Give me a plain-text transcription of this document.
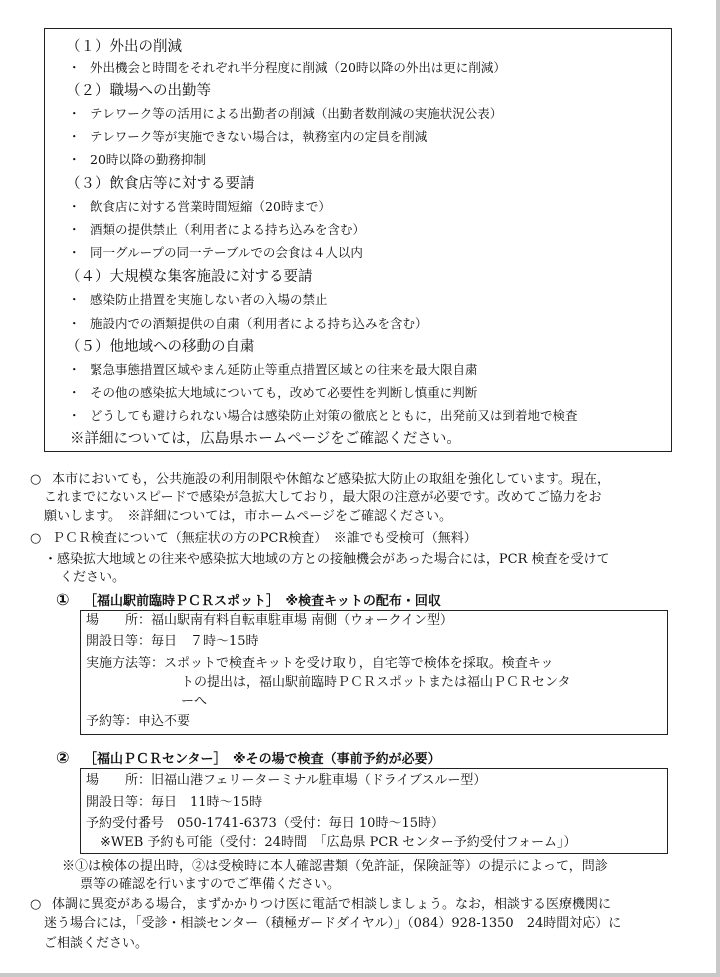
（１）外出の削減
・ 外出機会と時間をそれぞれ半分程度に削減（20時以降の外出は更に削減）
（２）職場への出勤等
・ テレワーク等の活用による出勤者の削減（出勤者数削減の実施状況公表）
・ テレワーク等が実施できない場合は，執務室内の定員を削減
・ 20時以降の勤務抑制
（３）飲食店等に対する要請
・ 飲食店に対する営業時間短縮（20時まで）
・ 酒類の提供禁止（利用者による持ち込みを含む）
・ 同一グループの同一テーブルでの会食は４人以内
（４）大規模な集客施設に対する要請
・ 感染防止措置を実施しない者の入場の禁止
・ 施設内での酒類提供の自粛（利用者による持ち込みを含む）
（５）他地域への移動の自粛
・ 緊急事態措置区域やまん延防止等重点措置区域との往来を最大限自粛
・ その他の感染拡大地域についても，改めて必要性を判断し慎重に判断
・ どうしても避けられない場合は感染防止対策の徹底とともに，出発前又は到着地で検査
※詳細については，広島県ホームページをご確認ください。
○ 本市においても，公共施設の利用制限や休館など感染拡大防止の取組を強化しています。現在，
これまでにないスピードで感染が急拡大しており，最大限の注意が必要です。改めてご協力をお
願いします。　※詳細については，市ホームページをご確認ください。
○ ＰＣＲ検査について（無症状の方のPCR検査）　※誰でも受検可（無料）
・感染拡大地域との往来や感染拡大地域の方との接触機会があった場合には，PCR 検査を受けて
ください。
① ［福山駅前臨時ＰＣＲスポット］　※検査キットの配布・回収
場　　所：福山駅南有料自転車駐車場 南側（ウォークイン型）
開設日等：毎日　７時～15時
実施方法等：スポットで検査キットを受け取り，自宅等で検体を採取。検査キッ
トの提出は，福山駅前臨時ＰＣＲスポットまたは福山ＰＣＲセンタ
ーへ
予約等：申込不要
② ［福山ＰＣＲセンター］　※その場で検査（事前予約が必要）
場　　所：旧福山港フェリーターミナル駐車場（ドライブスルー型）
開設日等：毎日　11時～15時
予約受付番号　050-1741-6373（受付：毎日 10時～15時）
※WEB 予約も可能（受付：24時間　「広島県 PCR センター予約受付フォーム」）
※①は検体の提出時，②は受検時に本人確認書類（免許証，保険証等）の提示によって，問診
票等の確認を行いますのでご準備ください。
○ 体調に異変がある場合，まずかかりつけ医に電話で相談しましょう。なお，相談する医療機関に
迷う場合には，「受診・相談センター（積極ガードダイヤル）」（084）928-1350　24時間対応）に
ご相談ください。
